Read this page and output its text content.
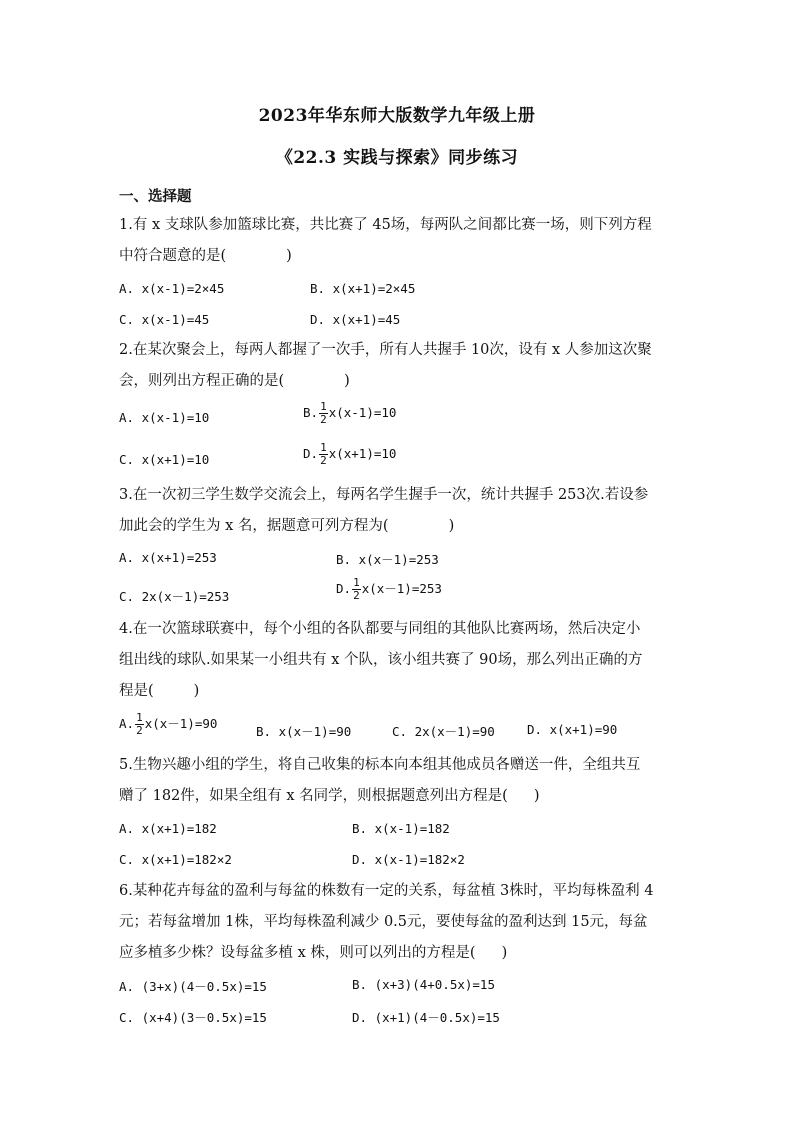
2023年华东师大版数学九年级上册
《22.3 实践与探索》同步练习
一、选择题
1.有 x 支球队参加篮球比赛，共比赛了 45场，每两队之间都比赛一场，则下列方程
中符合题意的是(	)
A. x(x-1)=2×45	B. x(x+1)=2×45
C. x(x-1)=45	D. x(x+1)=45
2.在某次聚会上，每两人都握了一次手，所有人共握手 10次，设有 x 人参加这次聚
会，则列出方程正确的是(	)
A. x(x-1)=10	B. $\frac{1}{2} x(x-1)=10$
C. x(x+1)=10	D. $\frac{1}{2} x(x+1)=10$
3.在一次初三学生数学交流会上，每两名学生握手一次，统计共握手 253次.若设参
加此会的学生为 x 名，据题意可列方程为(	)
A. x(x+1)=253	B. x(x－1)=253
C. 2x(x－1)=253
D. $\frac{1}{2} x(x-1)=253$
4.在一次篮球联赛中，每个小组的各队都要与同组的其他队比赛两场，然后决定小
组出线的球队.如果某一小组共有 x 个队，该小组共赛了 90场，那么列出正确的方
程是(	)
A. $\frac{1}{2} x(x-1)=90$
B. x(x－1)=90	C. 2x(x－1)=90	D. x(x+1)=90
5.生物兴趣小组的学生，将自己收集的标本向本组其他成员各赠送一件，全组共互
赠了 182件，如果全组有 x 名同学，则根据题意列出方程是( )
A. x(x+1)=182	B. x(x-1)=182
C. x(x+1)=182×2	D. x(x-1)=182×2
6.某种花卉每盆的盈利与每盆的株数有一定的关系，每盆植 3株时，平均每株盈利 4
元；若每盆增加 1株，平均每株盈利减少 0.5元，要使每盆的盈利达到 15元，每盆
应多植多少株？设每盆多植 x 株，则可以列出的方程是( )
A. (3+x)(4－0.5x)=15	B. (x+3)(4+0.5x)=15
C. (x+4)(3－0.5x)=15	D. (x+1)(4－0.5x)=15
